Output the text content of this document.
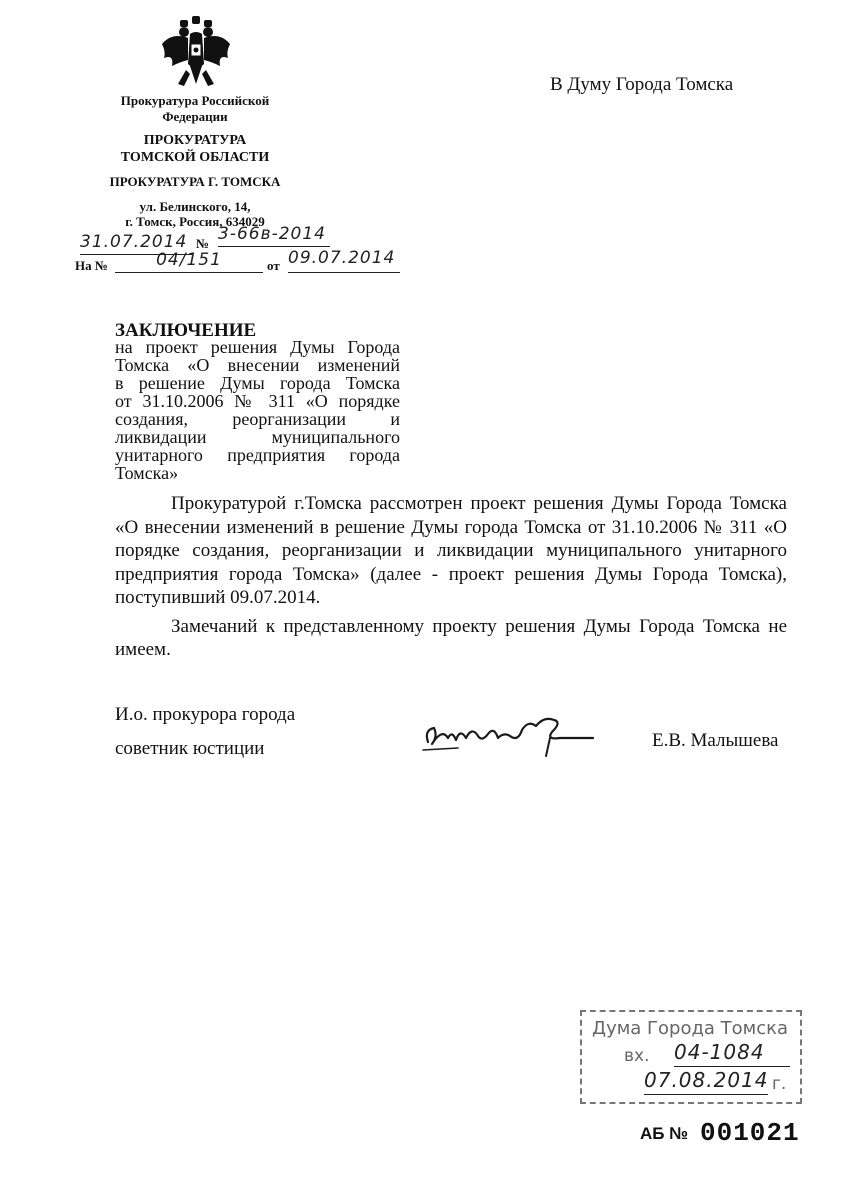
Прокуратура Российской
Федерации
ПРОКУРАТУРА
ТОМСКОЙ ОБЛАСТИ
ПРОКУРАТУРА Г. ТОМСКА
ул. Белинского, 14,
г. Томск, Россия, 634029
31.07.2014 № 3-66в-2014
На №	04/151	от 09.07.2014
В Думу Города Томска
ЗАКЛЮЧЕНИЕ
на проект решения Думы Города
Томска «О внесении изменений
в решение Думы города Томска
от 31.10.2006 № 311 «О порядке
создания, реорганизации и
ликвидации муниципального
унитарного предприятия города
Томска»

Прокуратурой г.Томска рассмотрен проект решения Думы Города Томска «О внесении изменений в решение Думы города Томска от 31.10.2006 № 311 «О порядке создания, реорганизации и ликвидации муниципального унитарного предприятия города Томска» (далее - проект решения Думы Города Томска), поступивший 09.07.2014.

Замечаний к представленному проекту решения Думы Города Томска не имеем.

И.о. прокурора города
советник юстиции	Е.В. Малышева
Дума Города Томска
вх. 04-1084
07.08.2014 г.
АБ № 001021
